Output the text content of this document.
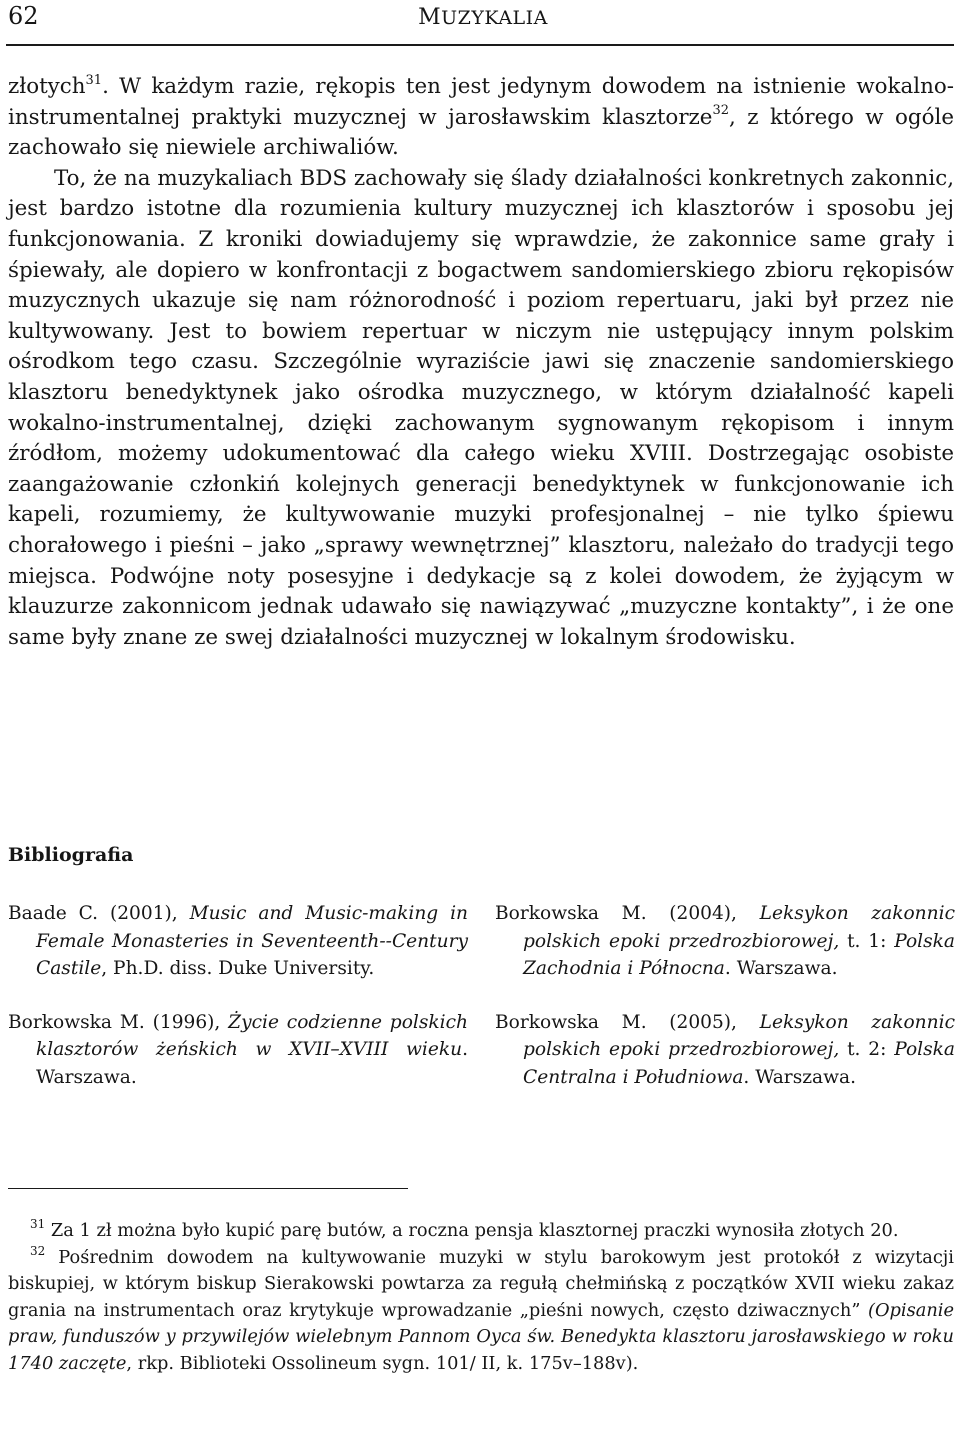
62	MUZYKALIA

złotych$^{31}$. W każdym razie, rękopis ten jest jedynym dowodem na istnienie wokalno-instrumentalnej praktyki muzycznej w jarosławskim klasztorze$^{32}$, z którego w ogóle zachowało się niewiele archiwaliów.

To, że na muzykaliach BDS zachowały się ślady działalności konkretnych zakonnic, jest bardzo istotne dla rozumienia kultury muzycznej ich klasztorów i sposobu jej funkcjonowania. Z kroniki dowiadujemy się wprawdzie, że zakonnice same grały i śpiewały, ale dopiero w konfrontacji z bogactwem sandomierskiego zbioru rękopisów muzycznych ukazuje się nam różnorodność i poziom repertuaru, jaki był przez nie kultywowany. Jest to bowiem repertuar w niczym nie ustępujący innym polskim ośrodkom tego czasu. Szczególnie wyraziście jawi się znaczenie sandomierskiego klasztoru benedyktynek jako ośrodka muzycznego, w którym działalność kapeli wokalno-instrumentalnej, dzięki zachowanym sygnowanym rękopisom i innym źródłom, możemy udokumentować dla całego wieku XVIII. Dostrzegając osobiste zaangażowanie członkiń kolejnych generacji benedyktynek w funkcjonowanie ich kapeli, rozumiemy, że kultywowanie muzyki profesjonalnej – nie tylko śpiewu chorałowego i pieśni – jako „sprawy wewnętrznej” klasztoru, należało do tradycji tego miejsca. Podwójne noty posesyjne i dedykacje są z kolei dowodem, że żyjącym w klauzurze zakonnicom jednak udawało się nawiązywać „muzyczne kontakty”, i że one same były znane ze swej działalności muzycznej w lokalnym środowisku.

Bibliografia

Baade C. (2001), Music and Music-making in Female Monasteries in Seventeenth--Century Castile, Ph.D. diss. Duke University.

Borkowska M. (1996), Życie codzienne polskich klasztorów żeńskich w XVII–XVIII wieku. Warszawa.

Borkowska M. (2004), Leksykon zakonnic polskich epoki przedrozbiorowej, t. 1: Polska Zachodnia i Północna. Warszawa.

Borkowska M. (2005), Leksykon zakonnic polskich epoki przedrozbiorowej, t. 2: Polska Centralna i Południowa. Warszawa.

$^{31}$ Za 1 zł można było kupić parę butów, a roczna pensja klasztornej praczki wynosiła złotych 20.

$^{32}$ Pośrednim dowodem na kultywowanie muzyki w stylu barokowym jest protokół z wizytacji biskupiej, w którym biskup Sierakowski powtarza za regułą chełmińską z początków XVII wieku zakaz grania na instrumentach oraz krytykuje wprowadzanie „pieśni nowych, często dziwacznych” (Opisanie praw, funduszów y przywilejów wielebnym Pannom Oyca św. Benedykta klasztoru jarosławskiego w roku 1740 zaczęte, rkp. Biblioteki Ossolineum sygn. 101/ II, k. 175v–188v).
